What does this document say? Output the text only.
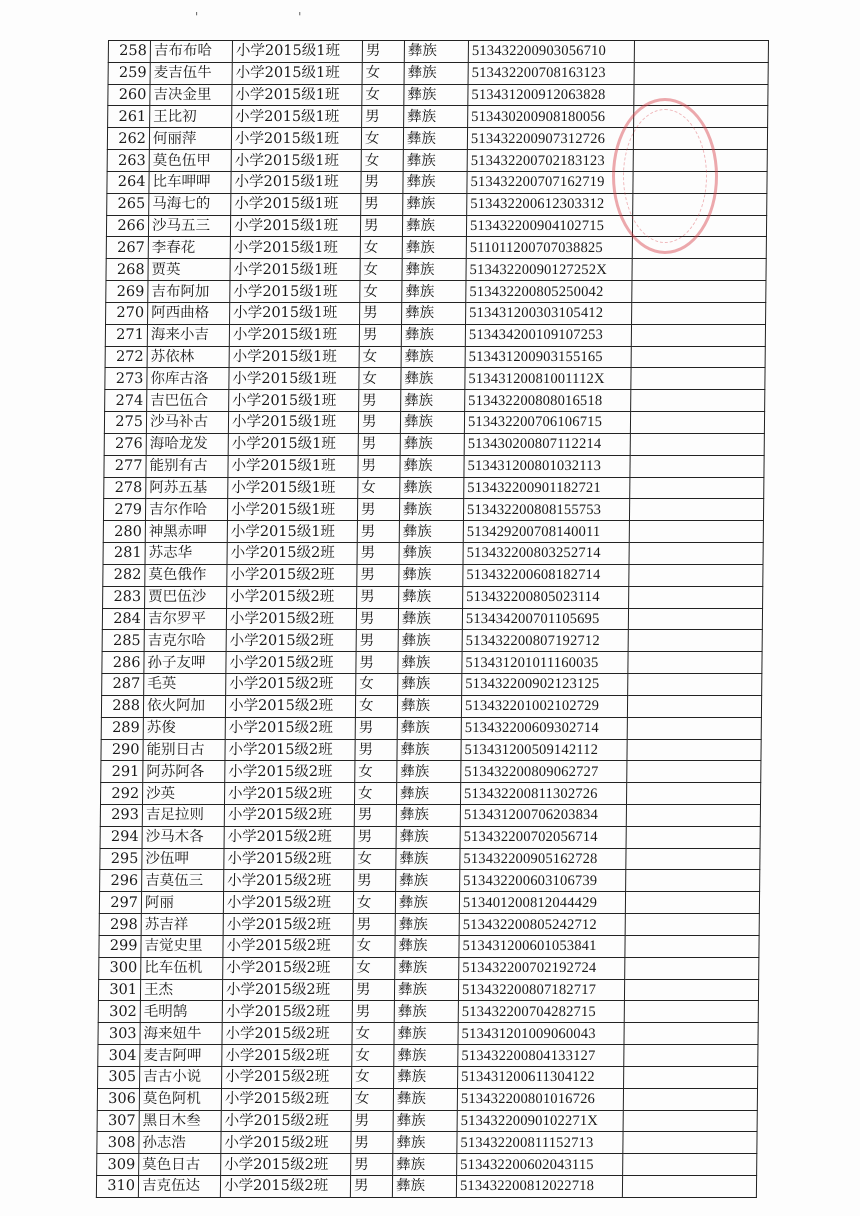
' '
258	吉布布哈	小学2015级1班	男	彝族	513432200903056710	
259	麦吉伍牛	小学2015级1班	女	彝族	513432200708163123	
260	吉决金里	小学2015级1班	女	彝族	513431200912063828	
261	王比初	小学2015级1班	男	彝族	513430200908180056	
262	何丽萍	小学2015级1班	女	彝族	513432200907312726	
263	莫色伍甲	小学2015级1班	女	彝族	513432200702183123	
264	比车呷呷	小学2015级1班	男	彝族	513432200707162719	
265	马海七的	小学2015级1班	男	彝族	513432200612303312	
266	沙马五三	小学2015级1班	男	彝族	513432200904102715	
267	李春花	小学2015级1班	女	彝族	511011200707038825	
268	贾英	小学2015级1班	女	彝族	51343220090127252X	
269	吉布阿加	小学2015级1班	女	彝族	513432200805250042	
270	阿西曲格	小学2015级1班	男	彝族	513431200303105412	
271	海来小吉	小学2015级1班	男	彝族	513434200109107253	
272	苏依林	小学2015级1班	女	彝族	513431200903155165	
273	你库古洛	小学2015级1班	女	彝族	51343120081001112X	
274	吉巴伍合	小学2015级1班	男	彝族	513432200808016518	
275	沙马补古	小学2015级1班	男	彝族	513432200706106715	
276	海哈龙发	小学2015级1班	男	彝族	513430200807112214	
277	能别有古	小学2015级1班	男	彝族	513431200801032113	
278	阿苏五基	小学2015级1班	女	彝族	513432200901182721	
279	吉尔作哈	小学2015级1班	男	彝族	513432200808155753	
280	神黑赤呷	小学2015级1班	男	彝族	513429200708140011	
281	苏志华	小学2015级2班	男	彝族	513432200803252714	
282	莫色俄作	小学2015级2班	男	彝族	513432200608182714	
283	贾巴伍沙	小学2015级2班	男	彝族	513432200805023114	
284	吉尔罗平	小学2015级2班	男	彝族	513434200701105695	
285	吉克尔哈	小学2015级2班	男	彝族	513432200807192712	
286	孙子友呷	小学2015级2班	男	彝族	513431201011160035	
287	毛英	小学2015级2班	女	彝族	513432200902123125	
288	依火阿加	小学2015级2班	女	彝族	513432201002102729	
289	苏俊	小学2015级2班	男	彝族	513432200609302714	
290	能别日古	小学2015级2班	男	彝族	513431200509142112	
291	阿苏阿各	小学2015级2班	女	彝族	513432200809062727	
292	沙英	小学2015级2班	女	彝族	513432200811302726	
293	吉足拉则	小学2015级2班	男	彝族	513431200706203834	
294	沙马木各	小学2015级2班	男	彝族	513432200702056714	
295	沙伍呷	小学2015级2班	女	彝族	513432200905162728	
296	吉莫伍三	小学2015级2班	男	彝族	513432200603106739	
297	阿丽	小学2015级2班	女	彝族	513401200812044429	
298	苏吉祥	小学2015级2班	男	彝族	513432200805242712	
299	吉觉史里	小学2015级2班	女	彝族	513431200601053841	
300	比车伍机	小学2015级2班	女	彝族	513432200702192724	
301	王杰	小学2015级2班	男	彝族	513432200807182717	
302	毛明鹄	小学2015级2班	男	彝族	513432200704282715	
303	海来妞牛	小学2015级2班	女	彝族	513431201009060043	
304	麦吉阿呷	小学2015级2班	女	彝族	513432200804133127	
305	吉古小说	小学2015级2班	女	彝族	513431200611304122	
306	莫色阿机	小学2015级2班	女	彝族	513432200801016726	
307	黑日木叁	小学2015级2班	男	彝族	51343220090102271X	
308	孙志浩	小学2015级2班	男	彝族	513432200811152713	
309	莫色日古	小学2015级2班	男	彝族	513432200602043115	
310	吉克伍达	小学2015级2班	男	彝族	513432200812022718	
